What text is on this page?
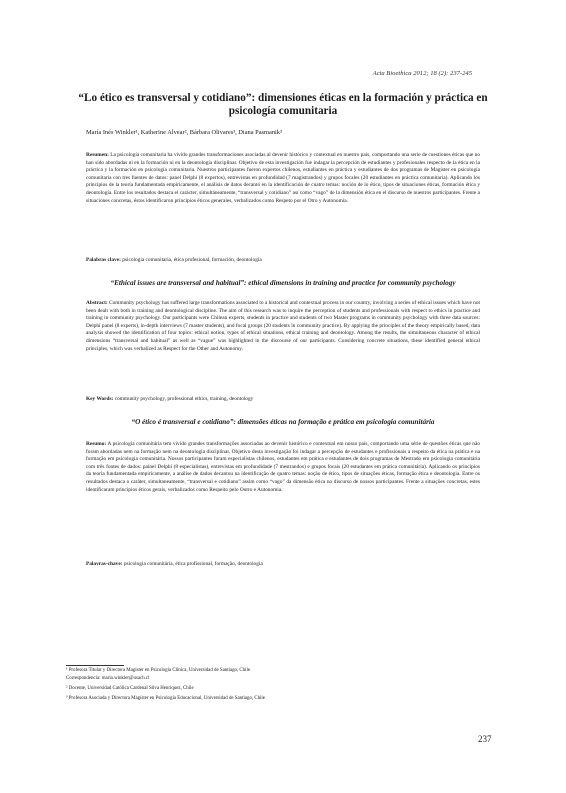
Acta Bioethica 2012; 18 (2): 237-245
“Lo ético es transversal y cotidiano”: dimensiones éticas en la formación y práctica en psicología comunitaria
María Inés Winkler¹, Katherine Alvear², Bárbara Olivares³, Diana Pasmanik³

Resumen: La psicología comunitaria ha vivido grandes transformaciones asociadas al devenir histórico y contextual en nuestro país, comportando una serie de cuestiones éticas que no han sido abordadas ni en la formación ni en la deontología disciplinar. Objetivo de esta investigación fue indagar la percepción de estudiantes y profesionales respecto de la ética en la práctica y la formación en psicología comunitaria. Nuestros participantes fueron expertos chilenos, estudiantes en práctica y estudiantes de dos programas de Magíster en psicología comunitaria con tres fuentes de datos: panel Delphi (8 expertos), entrevistas en profundidad (7 magistrandos) y grupos focales (20 estudiantes en práctica comunitaria). Aplicando los principios de la teoría fundamentada empíricamente, el análisis de datos decantó en la identificación de cuatro temas: noción de lo ético, tipos de situaciones éticas, formación ética y deontología. Entre los resultados destaca el carácter, simultáneamente, “transversal y cotidiano” así como “vago” de la dimensión ética en el discurso de nuestros participantes. Frente a situaciones concretas, éstos identificaron principios éticos generales, verbalizados como Respeto por el Otro y Autonomía.

Palabras clave: psicología comunitaria, ética profesional, formación, deontología

“Ethical issues are transversal and habitual”: ethical dimensions in training and practice for community psychology

Abstract: Community psychology has suffered large transformations associated to a historical and contextual process in our country, involving a series of ethical issues which have not been dealt with both in training and deontological discipline. The aim of this research was to inquire the perception of students and professionals with respect to ethics in practice and training in community psychology. Our participants were Chilean experts, students in practice and students of two Master programs in community psychology with three data sources: Delphi panel (8 experts), in-depth interviews (7 master students), and focal groups (20 students in community practice). By applying the principles of the theory empirically based, data analysis showed the identification of four topics: ethical notion, types of ethical situations, ethical training and deontology. Among the results, the simultaneous character of ethical dimensions “transversal and habitual” as well as “vague” was highlighted in the discourse of our participants. Considering concrete situations, these identified general ethical principles, which was verbalized as Respect for the Other and Autonomy.

Key Words: community psychology, professional ethics, training, deontology

“O ético é transversal e cotidiano”: dimensões éticas na formação e prática em psicologia comunitária

Resumo: A psicologia comunitária tem vivido grandes transformações associadas ao devenir histórico e contextual em nosso país, comportando uma série de questões éticas que não foram abordadas nem na formação nem na deontologia disciplinar. Objetivo desta investigação foi indagar a percepção de estudantes e profissionais a respeito da ética na prática e na formação em psicologia comunitária. Nossos participantes foram especialistas chilenos, estudantes em prática e estudantes de dois programas de Mestrado em psicologia comunitária com três fontes de dados: painel Delphi (8 especialistas), entrevistas em profundidade (7 mestrandos) e grupos focais (20 estudantes em prática comunitária). Aplicando os princípios da teoria fundamentada empiricamente, a análise de dados decantou na identificação de quatro temas: noção de ético, tipos de situações éticas, formação ética e deontologia. Entre os resultados destaca o caráter, simultaneamente, “transversal e cotidiano” assim como “vago” da dimensão ética no discurso de nossos participantes. Frente a situações concretas, estes identificaram princípios éticos gerais, verbalizados como Respeito pelo Outro e Autonomia.

Palavras-chave: psicologia comunitária, ética profissional, formação, deontologia

¹ Profesora Titular y Directora Magíster en Psicología Clínica, Universidad de Santiago, Chile
Correspondencia: maria.winkler@usach.cl
² Docente, Universidad Católica Cardenal Silva Henríquez, Chile
³ Profesora Asociada y Directora Magíster en Psicología Educacional, Universidad de Santiago, Chile
237
